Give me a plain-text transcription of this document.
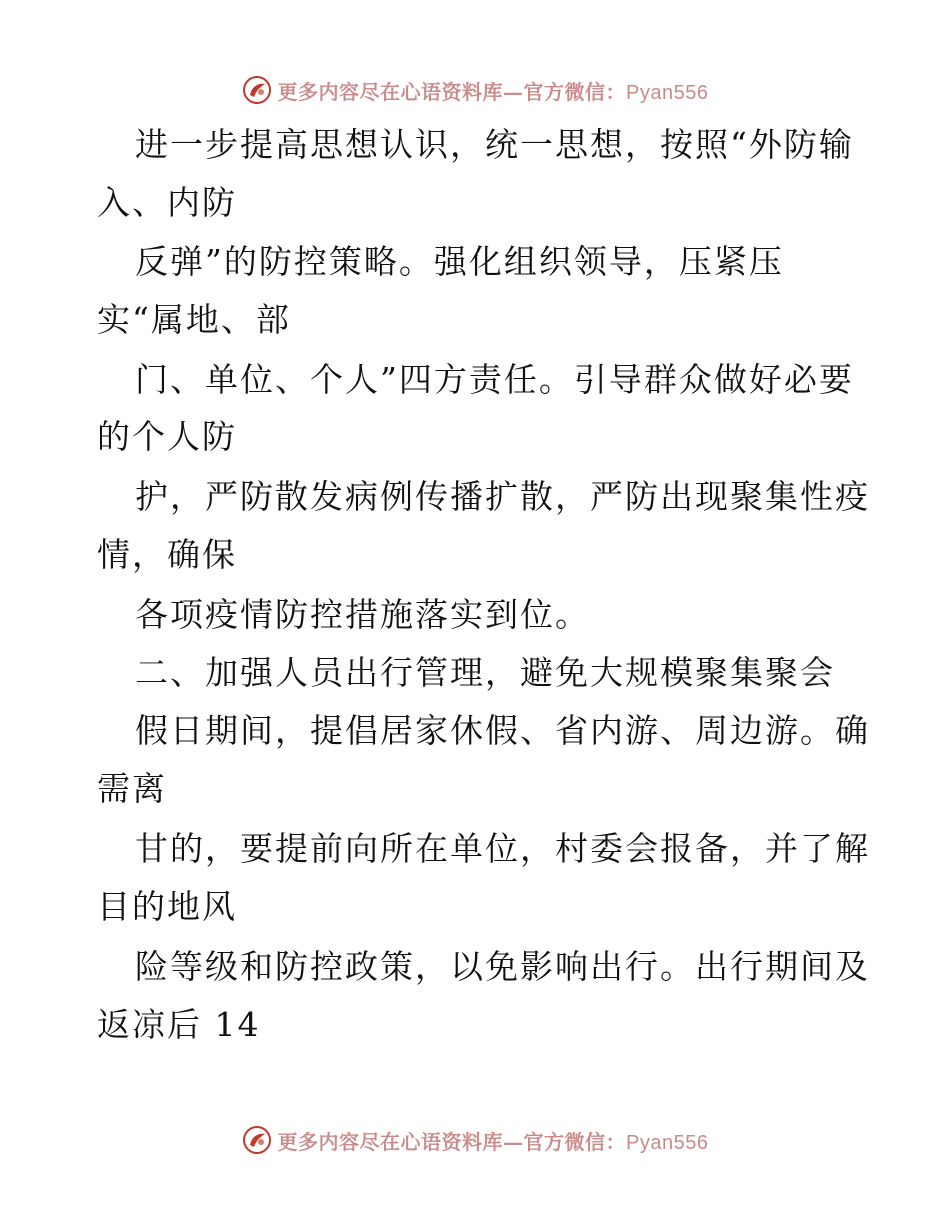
更多内容尽在心语资料库—官方微信：Pyan556
进一步提高思想认识，统一思想，按照“外防输
入、内防
反弹”的防控策略。强化组织领导，压紧压
实“属地、部
门、单位、个人”四方责任。引导群众做好必要
的个人防
护，严防散发病例传播扩散，严防出现聚集性疫
情，确保
各项疫情防控措施落实到位。
二、加强人员出行管理，避免大规模聚集聚会
假日期间，提倡居家休假、省内游、周边游。确
需离
甘的，要提前向所在单位，村委会报备，并了解
目的地风
险等级和防控政策，以免影响出行。出行期间及
返凉后 14
更多内容尽在心语资料库—官方微信：Pyan556
